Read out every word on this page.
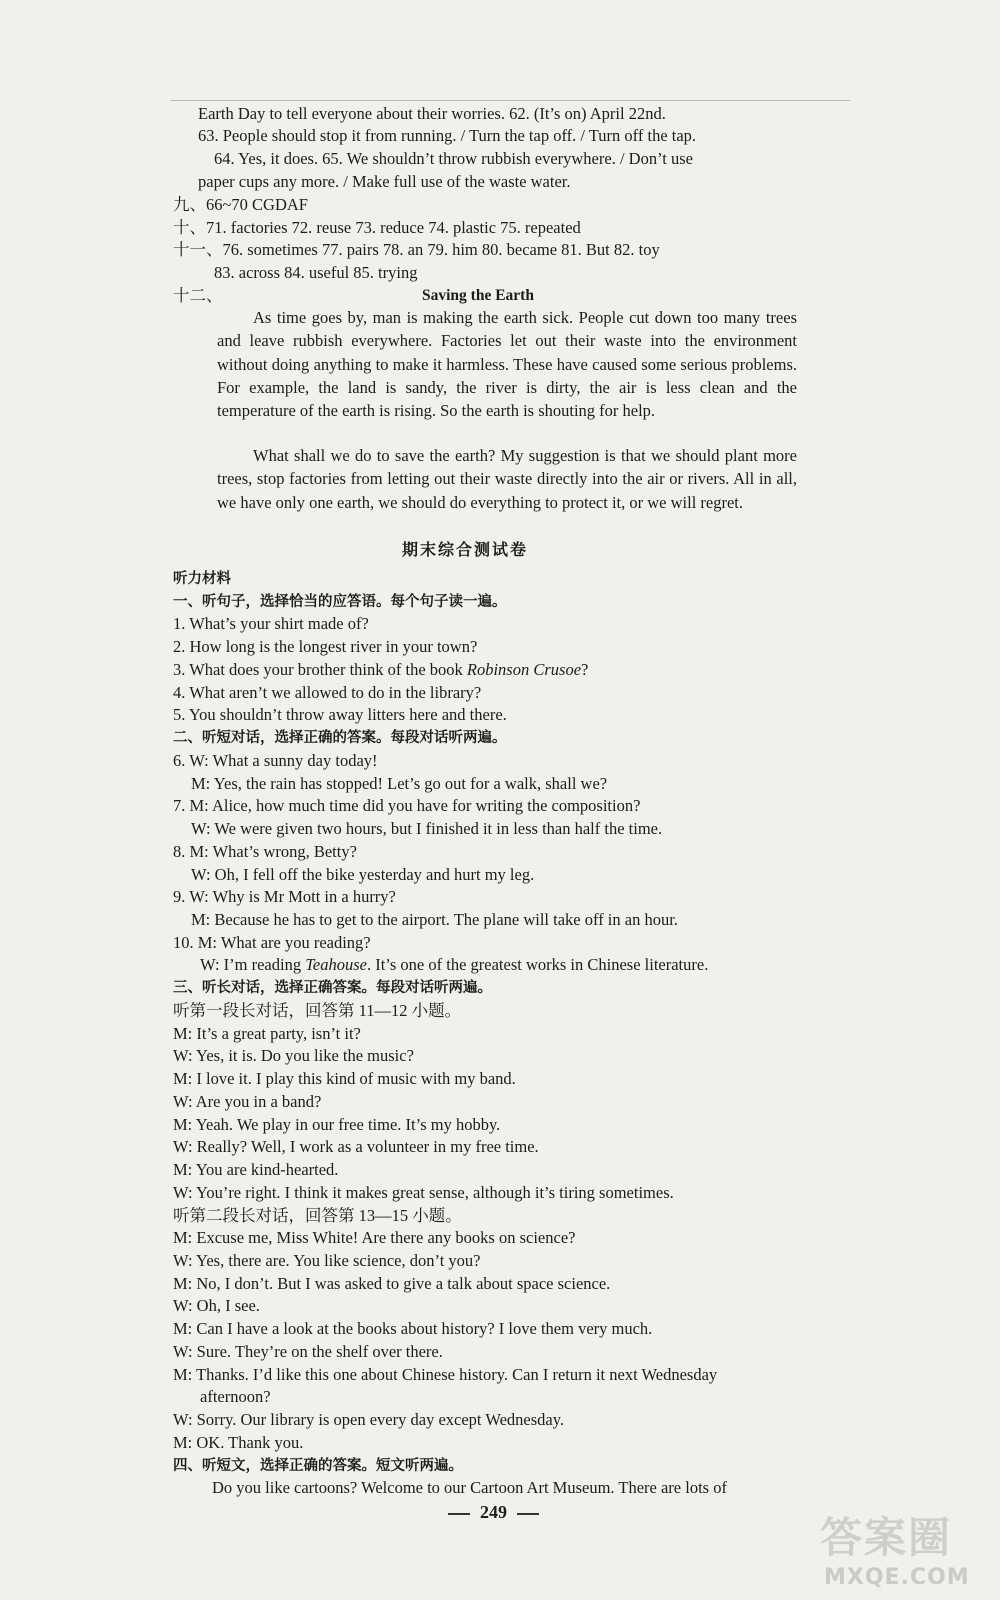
Earth Day to tell everyone about their worries. 62. (It’s on) April 22nd.
63. People should stop it from running. / Turn the tap off. / Turn off the tap.
64. Yes, it does. 65. We shouldn’t throw rubbish everywhere. / Don’t use
paper cups any more. / Make full use of the waste water.
九、66~70 CGDAF
十、71. factories 72. reuse 73. reduce 74. plastic 75. repeated
十一、76. sometimes 77. pairs 78. an 79. him 80. became 81. But 82. toy
83. across 84. useful 85. trying
十二、	Saving the Earth
As time goes by, man is making the earth sick. People cut down too many trees and leave rubbish everywhere. Factories let out their waste into the environment without doing anything to make it harmless. These have caused some serious problems. For example, the land is sandy, the river is dirty, the air is less clean and the temperature of the earth is rising. So the earth is shouting for help.
What shall we do to save the earth? My suggestion is that we should plant more trees, stop factories from letting out their waste directly into the air or rivers. All in all, we have only one earth, we should do everything to protect it, or we will regret.
期末综合测试卷
听力材料
一、听句子，选择恰当的应答语。每个句子读一遍。
1. What’s your shirt made of?
2. How long is the longest river in your town?
3. What does your brother think of the book Robinson Crusoe?
4. What aren’t we allowed to do in the library?
5. You shouldn’t throw away litters here and there.
二、听短对话，选择正确的答案。每段对话听两遍。
6. W: What a sunny day today!
M: Yes, the rain has stopped! Let’s go out for a walk, shall we?
7. M: Alice, how much time did you have for writing the composition?
W: We were given two hours, but I finished it in less than half the time.
8. M: What’s wrong, Betty?
W: Oh, I fell off the bike yesterday and hurt my leg.
9. W: Why is Mr Mott in a hurry?
M: Because he has to get to the airport. The plane will take off in an hour.
10. M: What are you reading?
W: I’m reading Teahouse. It’s one of the greatest works in Chinese literature.
三、听长对话，选择正确答案。每段对话听两遍。
听第一段长对话，回答第 11—12 小题。
M: It’s a great party, isn’t it?
W: Yes, it is. Do you like the music?
M: I love it. I play this kind of music with my band.
W: Are you in a band?
M: Yeah. We play in our free time. It’s my hobby.
W: Really? Well, I work as a volunteer in my free time.
M: You are kind-hearted.
W: You’re right. I think it makes great sense, although it’s tiring sometimes.
听第二段长对话，回答第 13—15 小题。
M: Excuse me, Miss White! Are there any books on science?
W: Yes, there are. You like science, don’t you?
M: No, I don’t. But I was asked to give a talk about space science.
W: Oh, I see.
M: Can I have a look at the books about history? I love them very much.
W: Sure. They’re on the shelf over there.
M: Thanks. I’d like this one about Chinese history. Can I return it next Wednesday
afternoon?
W: Sorry. Our library is open every day except Wednesday.
M: OK. Thank you.
四、听短文，选择正确的答案。短文听两遍。
Do you like cartoons? Welcome to our Cartoon Art Museum. There are lots of
249
答案圈
MXQE.COM
